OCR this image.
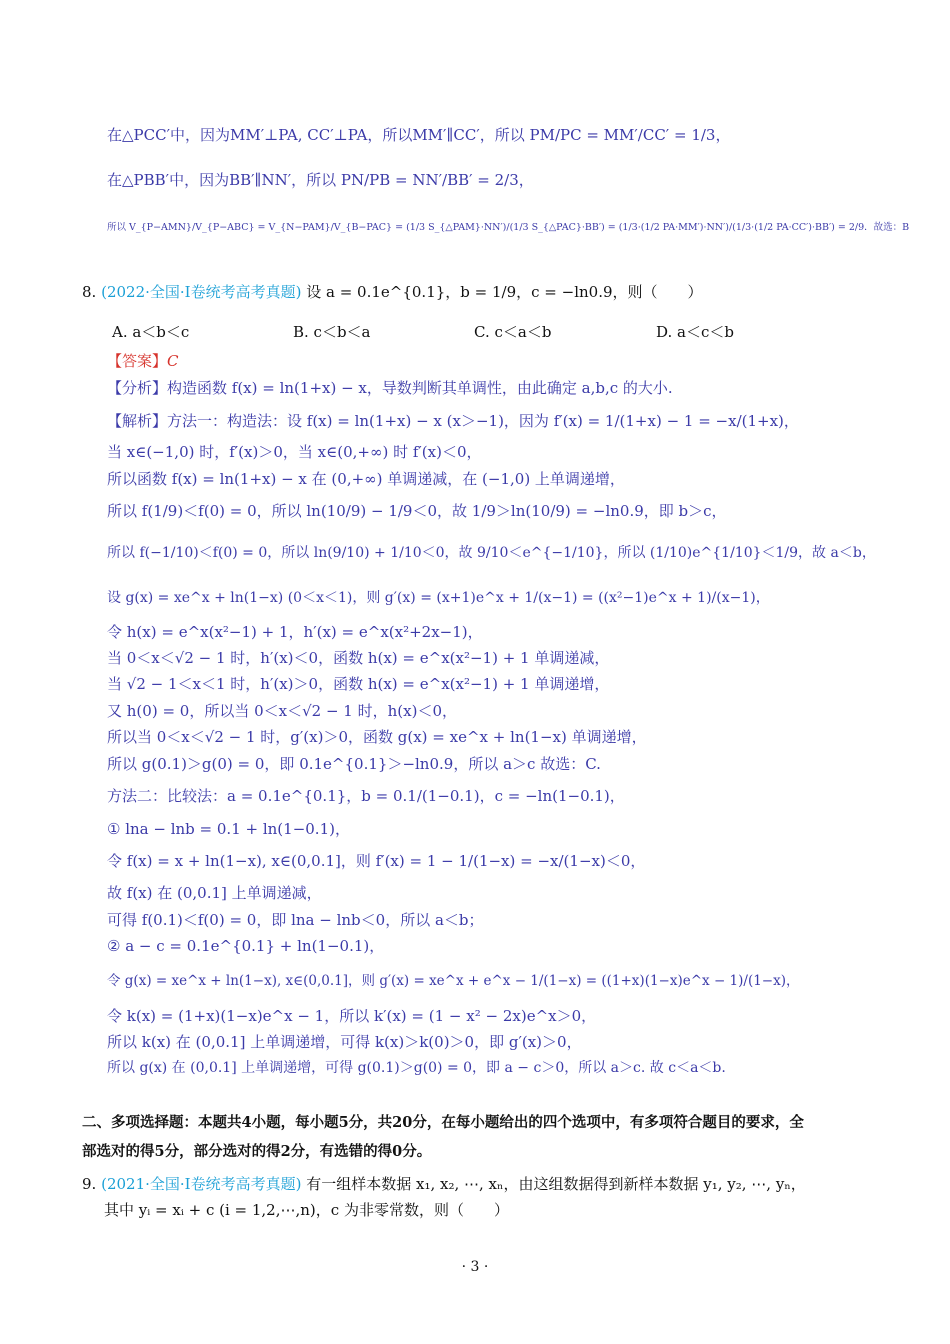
在△PCC′中，因为MM′⊥PA, CC′⊥PA，所以MM′∥CC′，所以 PM/PC = MM′/CC′ = 1/3，
在△PBB′中，因为BB′∥NN′，所以 PN/PB = NN′/BB′ = 2/3，
所以 V_{P−AMN}/V_{P−ABC} = V_{N−PAM}/V_{B−PAC} = (1/3 S_{△PAM}·NN′)/(1/3 S_{△PAC}·BB′) = (1/3·(1/2 PA·MM′)·NN′)/(1/3·(1/2 PA·CC′)·BB′) = 2/9．故选：B
8. (2022·全国·I卷统考高考真题) 设 a = 0.1e^{0.1}，b = 1/9，c = −ln0.9，则（　　）
A. a＜b＜c	B. c＜b＜a	C. c＜a＜b	D. a＜c＜b
【答案】C
【分析】构造函数 f(x) = ln(1+x) − x，导数判断其单调性，由此确定 a,b,c 的大小.
【解析】方法一：构造法：设 f(x) = ln(1+x) − x (x＞−1)，因为 f′(x) = 1/(1+x) − 1 = −x/(1+x)，
当 x∈(−1,0) 时，f′(x)＞0，当 x∈(0,+∞) 时 f′(x)＜0，
所以函数 f(x) = ln(1+x) − x 在 (0,+∞) 单调递减，在 (−1,0) 上单调递增，
所以 f(1/9)＜f(0) = 0，所以 ln(10/9) − 1/9＜0，故 1/9＞ln(10/9) = −ln0.9，即 b＞c，
所以 f(−1/10)＜f(0) = 0，所以 ln(9/10) + 1/10＜0，故 9/10＜e^{−1/10}，所以 (1/10)e^{1/10}＜1/9，故 a＜b，
设 g(x) = xe^x + ln(1−x) (0＜x＜1)，则 g′(x) = (x+1)e^x + 1/(x−1) = ((x²−1)e^x + 1)/(x−1)，
令 h(x) = e^x(x²−1) + 1，h′(x) = e^x(x²+2x−1)，
当 0＜x＜√2 − 1 时，h′(x)＜0，函数 h(x) = e^x(x²−1) + 1 单调递减，
当 √2 − 1＜x＜1 时，h′(x)＞0，函数 h(x) = e^x(x²−1) + 1 单调递增，
又 h(0) = 0，所以当 0＜x＜√2 − 1 时，h(x)＜0，
所以当 0＜x＜√2 − 1 时，g′(x)＞0，函数 g(x) = xe^x + ln(1−x) 单调递增，
所以 g(0.1)＞g(0) = 0，即 0.1e^{0.1}＞−ln0.9，所以 a＞c 故选：C.
方法二：比较法：a = 0.1e^{0.1}，b = 0.1/(1−0.1)，c = −ln(1−0.1)，
① lna − lnb = 0.1 + ln(1−0.1)，
令 f(x) = x + ln(1−x), x∈(0,0.1]，则 f′(x) = 1 − 1/(1−x) = −x/(1−x)＜0，
故 f(x) 在 (0,0.1] 上单调递减，
可得 f(0.1)＜f(0) = 0，即 lna − lnb＜0，所以 a＜b；
② a − c = 0.1e^{0.1} + ln(1−0.1)，
令 g(x) = xe^x + ln(1−x), x∈(0,0.1]，则 g′(x) = xe^x + e^x − 1/(1−x) = ((1+x)(1−x)e^x − 1)/(1−x)，
令 k(x) = (1+x)(1−x)e^x − 1，所以 k′(x) = (1 − x² − 2x)e^x＞0，
所以 k(x) 在 (0,0.1] 上单调递增，可得 k(x)＞k(0)＞0，即 g′(x)＞0，
所以 g(x) 在 (0,0.1] 上单调递增，可得 g(0.1)＞g(0) = 0，即 a − c＞0，所以 a＞c. 故 c＜a＜b.
二、多项选择题：本题共4小题，每小题5分，共20分，在每小题给出的四个选项中，有多项符合题目的要求，全
部选对的得5分，部分选对的得2分，有选错的得0分。
9. (2021·全国·I卷统考高考真题) 有一组样本数据 x₁, x₂, ⋯, xₙ，由这组数据得到新样本数据 y₁, y₂, ⋯, yₙ，
其中 yᵢ = xᵢ + c (i = 1,2,⋯,n)，c 为非零常数，则（　　）
· 3 ·
